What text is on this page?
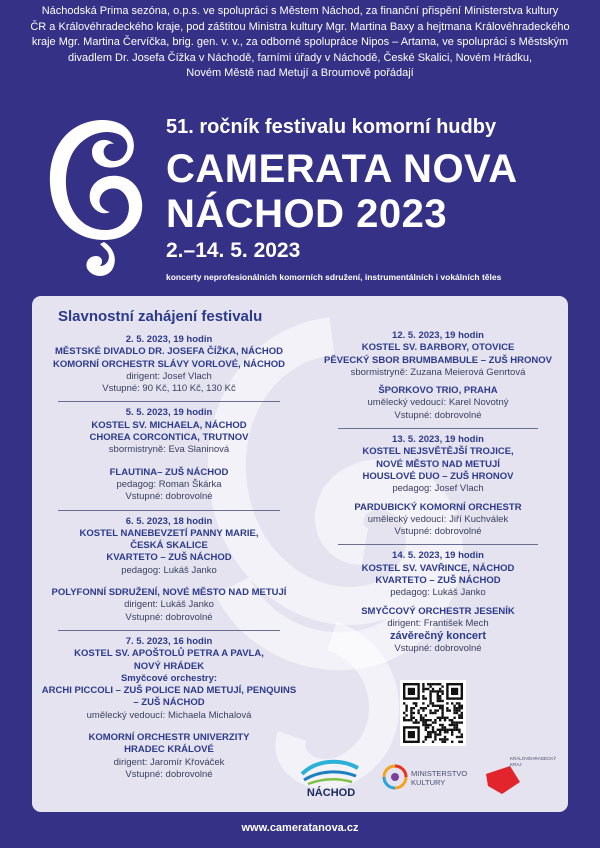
Náchodská Prima sezóna, o.p.s. ve spolupráci s Městem Náchod, za finanční přispění Ministerstva kultury
ČR a Královéhradeckého kraje, pod záštitou Ministra kultury Mgr. Martina Baxy a hejtmana Královéhradeckého
kraje Mgr. Martina Červíčka, brig. gen. v. v., za odborné spolupráce Nipos – Artama, ve spolupráci s Městským
divadlem Dr. Josefa Čížka v Náchodě, farními úřady v Náchodě, České Skalici, Novém Hrádku,
Novém Městě nad Metují a Broumově pořádají
51. ročník festivalu komorní hudby
CAMERATA NOVA
NÁCHOD 2023
2.–14. 5. 2023
koncerty neprofesionálních komorních sdružení, instrumentálních i vokálních těles
Slavnostní zahájení festivalu
2. 5. 2023, 19 hodin
MĚSTSKÉ DIVADLO DR. JOSEFA ČÍŽKA, NÁCHOD
KOMORNÍ ORCHESTR SLÁVY VORLOVÉ, NÁCHOD
dirigent: Josef Vlach
Vstupné: 90 Kč, 110 Kč, 130 Kč
5. 5. 2023, 19 hodin
KOSTEL SV. MICHAELA, NÁCHOD
CHOREA CORCONTICA, TRUTNOV
sbormistryně: Eva Slaninová
FLAUTINA– ZUŠ NÁCHOD
pedagog: Roman Škárka
Vstupné: dobrovolné
6. 5. 2023, 18 hodin
KOSTEL NANEBEVZETÍ PANNY MARIE,
ČESKÁ SKALICE
KVARTETO – ZUŠ NÁCHOD
pedagog: Lukáš Janko
POLYFONNÍ SDRUŽENÍ, NOVÉ MĚSTO NAD METUJÍ
dirigent: Lukáš Janko
Vstupné: dobrovolné
7. 5. 2023, 16 hodin
KOSTEL SV. APOŠTOLŮ PETRA A PAVLA,
NOVÝ HRÁDEK
Smyčcové orchestry:
ARCHI PICCOLI – ZUŠ POLICE NAD METUJÍ, PENQUINS
– ZUŠ NÁCHOD
umělecký vedoucí: Michaela Michalová
KOMORNÍ ORCHESTR UNIVERZITY
HRADEC KRÁLOVÉ
dirigent: Jaromír Křováček
Vstupné: dobrovolné
12. 5. 2023, 19 hodin
KOSTEL SV. BARBORY, OTOVICE
PĚVECKÝ SBOR BRUMBAMBULE – ZUŠ HRONOV
sbormistryně: Zuzana Meierová Genrtová
ŠPORKOVO TRIO, PRAHA
umělecký vedoucí: Karel Novotný
Vstupné: dobrovolné
13. 5. 2023, 19 hodin
KOSTEL NEJSVĚTĚJŠÍ TROJICE,
NOVÉ MĚSTO NAD METUJÍ
HOUSLOVÉ DUO – ZUŠ HRONOV
pedagog: Josef Vlach
PARDUBICKÝ KOMORNÍ ORCHESTR
umělecký vedoucí: Jiří Kuchválek
Vstupné: dobrovolné
14. 5. 2023, 19 hodin
KOSTEL SV. VAVŘINCE, NÁCHOD
KVARTETO – ZUŠ NÁCHOD
pedagog: Lukáš Janko
SMYČCOVÝ ORCHESTR JESENÍK
dirigent: František Mech
závěrečný koncert
Vstupné: dobrovolné
NÁCHOD
MINISTERSTVO
KULTURY
KRÁLOVÉHRADECKÝ
KRAJ
www.cameratanova.cz
